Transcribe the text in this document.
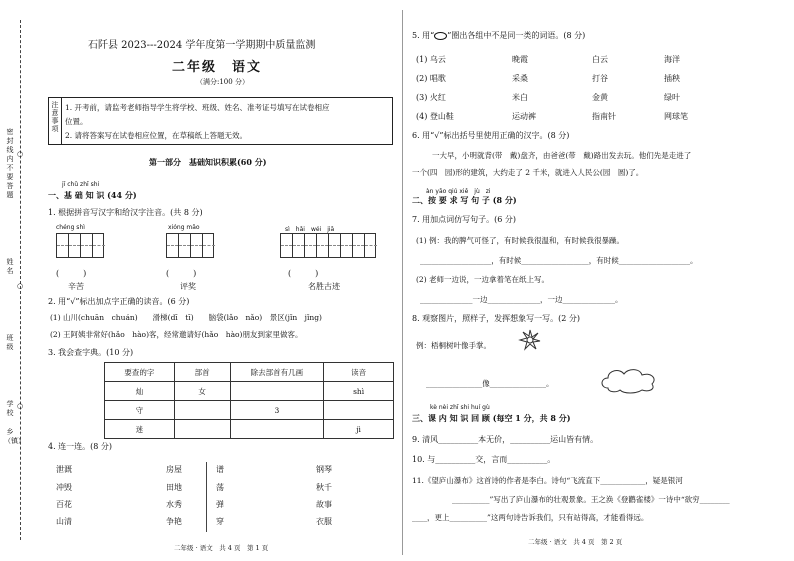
密封线内不要答题
姓名
班级
学校
乡（镇）
○
○
○
石阡县 2023---2024 学年度第一学期期中质量监测
二年级　语文
（满分:100 分）
注意事项
1. 开考前，请监考老师指导学生将学校、班级、姓名、准考证号填写在试卷相应
位置。
2. 请将答案写在试卷相应位置，在草稿纸上答题无效。
第一部分　基础知识积累(60 分)
jī chǔ zhī shi
一、基 础 知 识 (44 分)
1. 根据拼音写汉字和给汉字注音。(共 8 分)
chéng shì	xióng māo	sì　hǎi　wéi　jiā
(　　　)	(　　　)	(　　　)
辛苦	评奖	名胜古迹
2. 用“√”标出加点字正确的读音。(6 分)
(1) 山川(chuān　chuán)　　滑梯(dī　tī)　　脑袋(lǎo　nǎo)　景区(jǐn　jǐng)
(2) 王阿姨非常好(hǎo　hào)客，经常邀请好(hǎo　hào)朋友到家里做客。
3. 我会查字典。(10 分)
要查的字	部首	除去部首有几画	读音
灿	女		shì
守		3	
迷			jì
4. 连一连。(8 分)
泄溉
冲毁
百花
山清
房屋
田地
水秀
争艳
谱
荡
弹
穿
钢琴
秋千
故事
衣服
二年级 · 语文　共 4 页　第 1 页
5. 用“ ”圈出各组中不是同一类的词语。(8 分)
(1) 乌云	晚霞	白云	海洋
(2) 唱歌	采桑	打谷	插秧
(3) 火红	米白	金黄	绿叶
(4) 登山鞋	运动裤	指南针	网球笔
6. 用“√”标出括号里使用正确的汉字。(8 分)
一大早，小明就背(带　戴)盘齐，由爸爸(带　戴)路出发去玩。他们先是走进了
一个(四　园)形的建筑，大约走了 2 千米，就进入人民公(园　圆)了。
àn yāo qiú xiě　jù　zi
二、按 要 求 写 句 子 (8 分)
7. 用加点词仿写句子。(6 分)
(1) 例：我的脾气可怪了，有时候我很温和，有时候我很暴躁。
___________________，有时候__________________，有时候___________________。
(2) 老师一边说，一边拿着笔在纸上写。
______________一边______________，一边______________。
8. 观察图片，照样子，发挥想象写一写。(2 分)
例：梧桐树叶像手掌。
_______________像_______________。
kè nèi zhī shi huí gù
三、课 内 知 识 回 顾 (每空 1 分，共 8 分)
9. 清风__________本无价，__________运山皆有情。
10. 与__________交，言而__________。
11.《望庐山瀑布》这首诗的作者是李白。诗句“飞流直下____________，疑是银河
__________”写出了庐山瀑布的壮观景象。王之涣《登鹳雀楼》一诗中“欲穷________
____，更上__________”这两句诗告诉我们，只有站得高，才能看得远。
二年级 · 语文　共 4 页　第 2 页
